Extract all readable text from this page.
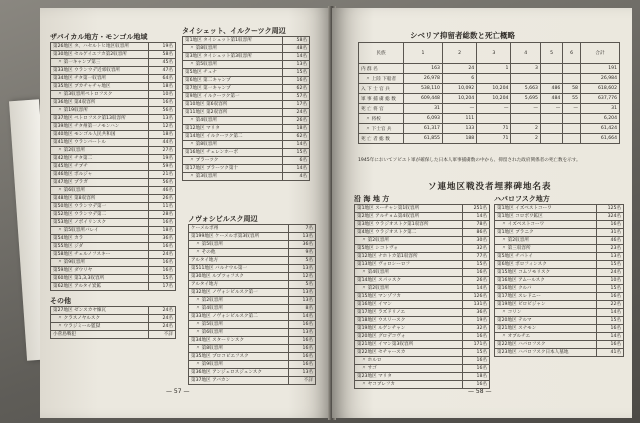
ザバイカル地方・モンゴル地域
第26地区 タ、ハセルトヒ地区収容所	19名
第30地区 セルゲイエフカ第2収容所	58名
　〃 第一キャンプ第三	45名
第33地区 ウランウデ近郊収容所	47名
第34地区 チタ第一収容所	64名
第35地区 ブカチャチャ地区	18名
　〃 第3収容所ペトロフスク	10名
第36地区 第4収容所	16名
　〃 第19収容所	56名
第37地区 ペトロフスク第13収容所	13名
第39地区 チタ州第一ノモンハン	12名
第40地区 モンゴル人民共和国	18名
第41地区 ウランバートル	44名
　〃 第2収容所	27名
第42地区 チタ第二	19名
第45地区 チブチ	59名
第46地区 ボルジャ	21名
第47地区 プラガ	56名
　〃 第6収容所	46名
第48地区 第8収容所	26名
第50地区 ウランウデ第一	11名
第52地区 ウランウデ第二	28名
第53地区 ノボイリンスク	16名
　〃 第5収容所バレイ	18名
第54地区 カラ	36名
第55地区 ジダ	16名
第58地区 チェルノフスキー	24名
　〃 第9収容所	16名
第59地区 ダウリヤ	16名
第60地区 第1,3,3収容所	15名
第62地区 アルタイ炭鉱	17名
タイシェット、イルクーツク周辺
第1地区 タイシェット第1収容所	58名
　〃 第8収容所	48名
第3地区 タイシェット第3収容所	14名
　〃 第5収容所	13名
第5地区 チュナ	15名
第6地区 第二キャンプ	16名
第7地区 第一キャンプ	62名
第9地区 イルクーツク第一	57名
第10地区 第6収容所	17名
第11地区 第2収容所	24名
　〃 第4収容所	26名
第12地区 マリタ	18名
第14地区 イルクーツク第二	62名
　〃 第8収容所	14名
第16地区 チェレンホーボ	15名
　〃 ブラーツク	6名
第17地区 ブラーツク第十	14名
　〃 第3収容所	4名
ノヴォシビルスク周辺
ケーメルボ州	7名
第199地区 ケーメルボ第3収容所	13名
　〃 第5収容所	36名
　〃 その他	9名
アルタイ地方	5名
第511地区 バルナウル第一	13名
第30地区 ルプツォフスク	12名
アルタイ地方	5名
第32地区 ノヴォシビルスク第一	13名
　〃 第2収容所	13名
　〃 第4収容所	8名
第33地区 ノヴォシビルスク第二	14名
　〃 第5収容所	16名
　〃 第6収容所	13名
第34地区 スターリンスク	16名
　〃 第8収容所	16名
第35地区 プロコピエフスク	16名
　〃 第9収容所	16名
第36地区 アンジェロスジェンスク	13名
第37地区 アバカン	不詳
その他
第27地区 ゼンスカヤ煉瓦	24名
　〃 クラスノヤルスク	24名
　〃 ウラジミール監獄	24名
小菅島戦犯	不詳
— 57 —
シベリア抑留者総数と死亡概略
民族	1	2	3	4	5	6	合計
内 群 名	163	24	1	3			191
　〃 上陸 下船者	26,978	6					26,984
入 下 士 官 兵	538,110	10,092	10,204	5,663	486	58	618,602
軍 事 捕 虜 総 数	609,448	10,204	10,204	5,695	484	55	637,776
死 亡 将 官	31	—	—	—	—	—	31
　〃 将校	6,093	111					6,204
　〃 下士官 兵	61,317	133	71	2			61,424
死 亡 者 総 数	61,855	188	71	2			61,664
1945年においてソビエト軍が確保した日本人軍事捕虜数の中から、抑留された政府関係者の死亡数を示す。
ソ連地区戦没者埋葬碑地名表
沿 海 地 方
第1地区 スーチャン第1収容所	251名
第2地区 アルチョム第4収容所	14名
第3地区 ウラジオストク第1収容所	78名
第4地区 ウラジオストク第二	86名
　〃 第2収容所	30名
第5地区 シコトヴォ	32名
第12地区 ナホトカ第1収容所	77名
第13地区 ヴォロシーロフ	15名
　〃 第4収容所	16名
第14地区 スパッスク	26名
　〃 第2収容所	14名
第15地区 マンゾフカ	126名
第16地区 イマン	131名
第17地区 ラズドリノエ	36名
第18地区 ウスリースク	19名
第19地区 ルゲンチャン	32名
第20地区 グロデコヴォ	16名
第21地区 イマン第3収容所	171名
第22地区 セチャースカ	15名
　〃 ホルロ	16名
　〃 サゴ	16名
第23地区 マリタ	18名
　〃 ヤコブレフカ	16名
ハバロフスク地方
第1地区 イズベストコーワ	125名
第1地区 コロボワ鉱区	324名
　〃 イズベストコーワ	16名
第1地区 ブラニク	31名
　〃 第2収容所	46名
　〃 第三収容所	23名
第5地区 チバトイ	13名
第6地区 ボロフィンスク	15名
第15地区 コムソモリスク	24名
第16地区 アムールスク	10名
第16地区 クルバ	15名
第17地区 スレドニー	16名
第19地区 ビロビジャン	22名
　〃 コリン	14名
第20地区 テルマ	15名
第21地区 スナモン	16名
　〃 オブルチエ	14名
第22地区 ハバロフスク	16名
第23地区 ハバロフスク日本人墓地	41名
— 58 —
